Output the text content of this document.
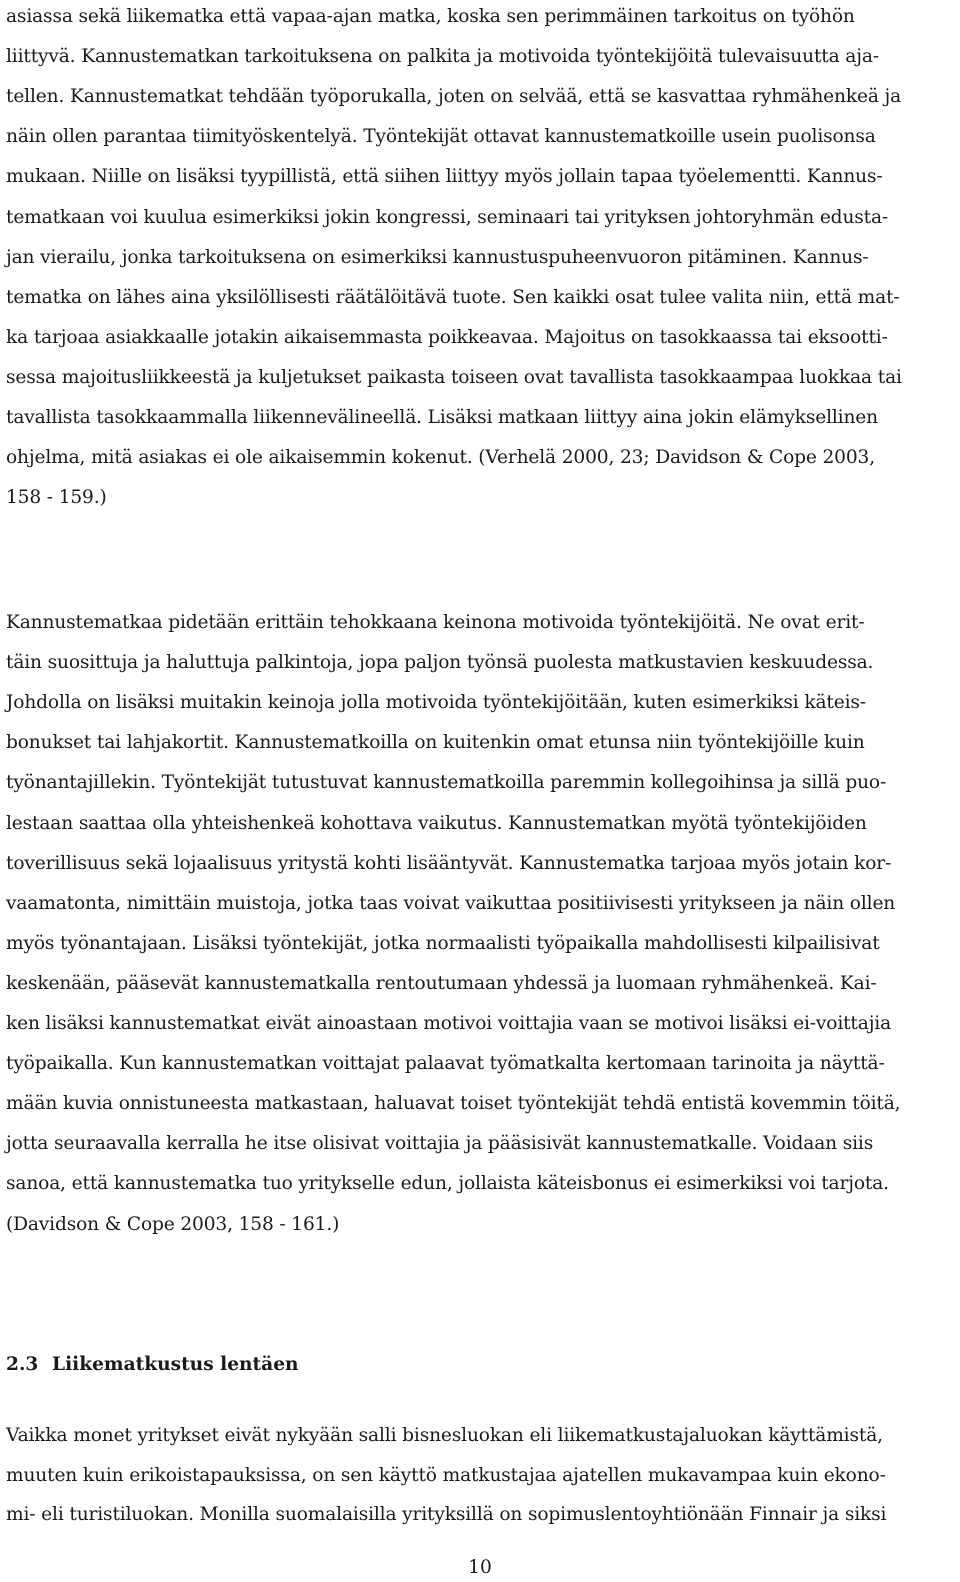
asiassa sekä liikematka että vapaa-ajan matka, koska sen perimmäinen tarkoitus on työhön
liittyvä. Kannustematkan tarkoituksena on palkita ja motivoida työntekijöitä tulevaisuutta aja-
tellen. Kannustematkat tehdään työporukalla, joten on selvää, että se kasvattaa ryhmähenkeä ja
näin ollen parantaa tiimityöskentelyä. Työntekijät ottavat kannustematkoille usein puolisonsa
mukaan. Niille on lisäksi tyypillistä, että siihen liittyy myös jollain tapaa työelementti. Kannus-
tematkaan voi kuulua esimerkiksi jokin kongressi, seminaari tai yrityksen johtoryhmän edusta-
jan vierailu, jonka tarkoituksena on esimerkiksi kannustuspuheenvuoron pitäminen. Kannus-
tematka on lähes aina yksilöllisesti räätälöitävä tuote. Sen kaikki osat tulee valita niin, että mat-
ka tarjoaa asiakkaalle jotakin aikaisemmasta poikkeavaa. Majoitus on tasokkaassa tai eksootti-
sessa majoitusliikkeestä ja kuljetukset paikasta toiseen ovat tavallista tasokkaampaa luokkaa tai
tavallista tasokkaammalla liikennevälineellä. Lisäksi matkaan liittyy aina jokin elämyksellinen
ohjelma, mitä asiakas ei ole aikaisemmin kokenut. (Verhelä 2000, 23; Davidson & Cope 2003,
158 - 159.)
Kannustematkaa pidetään erittäin tehokkaana keinona motivoida työntekijöitä. Ne ovat erit-
täin suosittuja ja haluttuja palkintoja, jopa paljon työnsä puolesta matkustavien keskuudessa.
Johdolla on lisäksi muitakin keinoja jolla motivoida työntekijöitään, kuten esimerkiksi käteis-
bonukset tai lahjakortit. Kannustematkoilla on kuitenkin omat etunsa niin työntekijöille kuin
työnantajillekin. Työntekijät tutustuvat kannustematkoilla paremmin kollegoihinsa ja sillä puo-
lestaan saattaa olla yhteishenkeä kohottava vaikutus. Kannustematkan myötä työntekijöiden
toverillisuus sekä lojaalisuus yritystä kohti lisääntyvät. Kannustematka tarjoaa myös jotain kor-
vaamatonta, nimittäin muistoja, jotka taas voivat vaikuttaa positiivisesti yritykseen ja näin ollen
myös työnantajaan. Lisäksi työntekijät, jotka normaalisti työpaikalla mahdollisesti kilpailisivat
keskenään, pääsevät kannustematkalla rentoutumaan yhdessä ja luomaan ryhmähenkeä. Kai-
ken lisäksi kannustematkat eivät ainoastaan motivoi voittajia vaan se motivoi lisäksi ei-voittajia
työpaikalla. Kun kannustematkan voittajat palaavat työmatkalta kertomaan tarinoita ja näyttä-
mään kuvia onnistuneesta matkastaan, haluavat toiset työntekijät tehdä entistä kovemmin töitä,
jotta seuraavalla kerralla he itse olisivat voittajia ja pääsisivät kannustematkalle. Voidaan siis
sanoa, että kannustematka tuo yritykselle edun, jollaista käteisbonus ei esimerkiksi voi tarjota.
(Davidson & Cope 2003, 158 - 161.)
2.3 Liikematkustus lentäen
Vaikka monet yritykset eivät nykyään salli bisnesluokan eli liikematkustajaluokan käyttämistä,
muuten kuin erikoistapauksissa, on sen käyttö matkustajaa ajatellen mukavampaa kuin ekono-
mi- eli turistiluokan. Monilla suomalaisilla yrityksillä on sopimuslentoyhtiönään Finnair ja siksi
10
